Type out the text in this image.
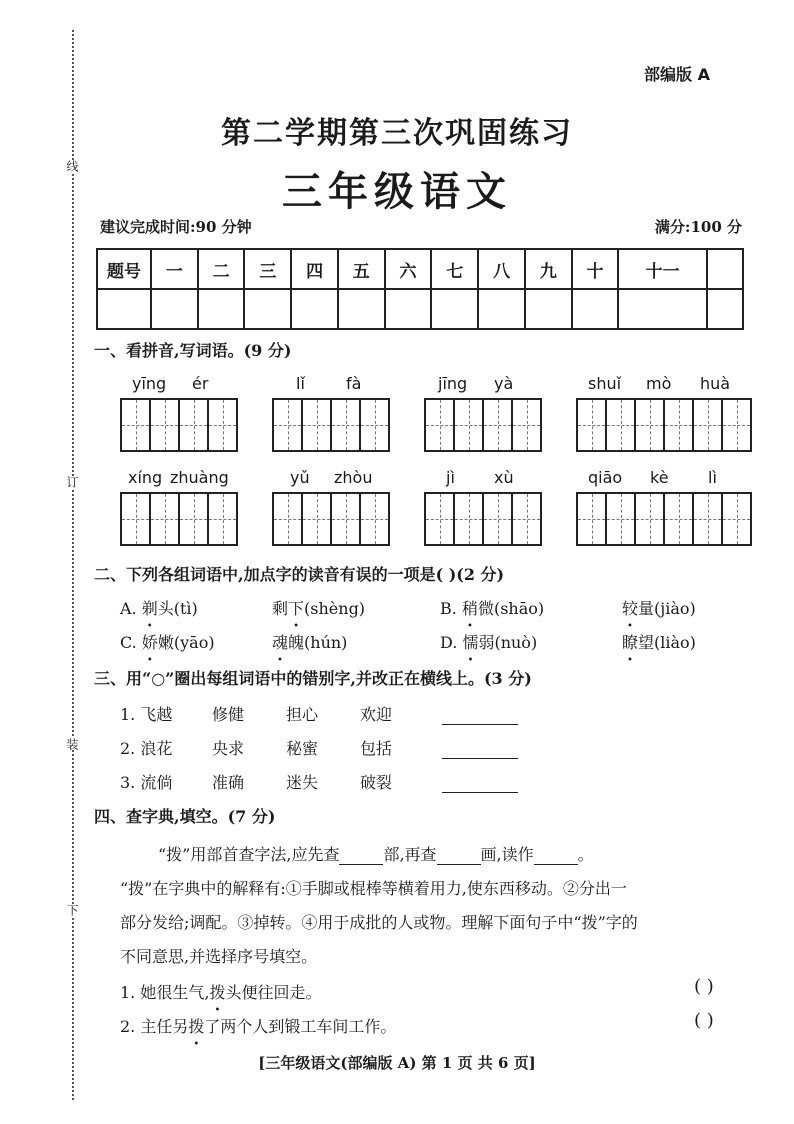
线
订
装
下
部编版 A
第二学期第三次巩固练习
三年级语文
建议完成时间:90 分钟	满分:100 分
题号	一	二	三	四	五	六	七	八	九	十	十一	

一、看拼音,写词语。(9 分)
yīng ér	lǐ	fà	jīng yà	shuǐ mò huà
xíng zhuàng	yǔ zhòu	jì xù	qiāo kè lì
二、下列各组词语中,加点字的读音有误的一项是( )(2 分)
A. 剃头(tì)	剩下(shèng)	B. 稍微(shāo)	较量(jiào)
C. 娇嫩(yāo)	魂魄(hún)	D. 懦弱(nuò)	瞭望(liào)
三、用“○”圈出每组词语中的错别字,并改正在横线上。(3 分)
1. 飞越 修健	担心	欢迎
2. 浪花 央求	秘蜜	包括
3. 流倘 准确	迷失	破裂
四、查字典,填空。(7 分)
“拨”用部首查字法,应先查	部,再查	画,读作	。
“拨”在字典中的解释有:①手脚或棍棒等横着用力,使东西移动。②分出一
部分发给;调配。③掉转。④用于成批的人或物。理解下面句子中“拨”字的
不同意思,并选择序号填空。
1. 她很生气,拨头便往回走。	( )
2. 主任另拨了两个人到锻工车间工作。	( )
[三年级语文(部编版 A) 第 1 页 共 6 页]
